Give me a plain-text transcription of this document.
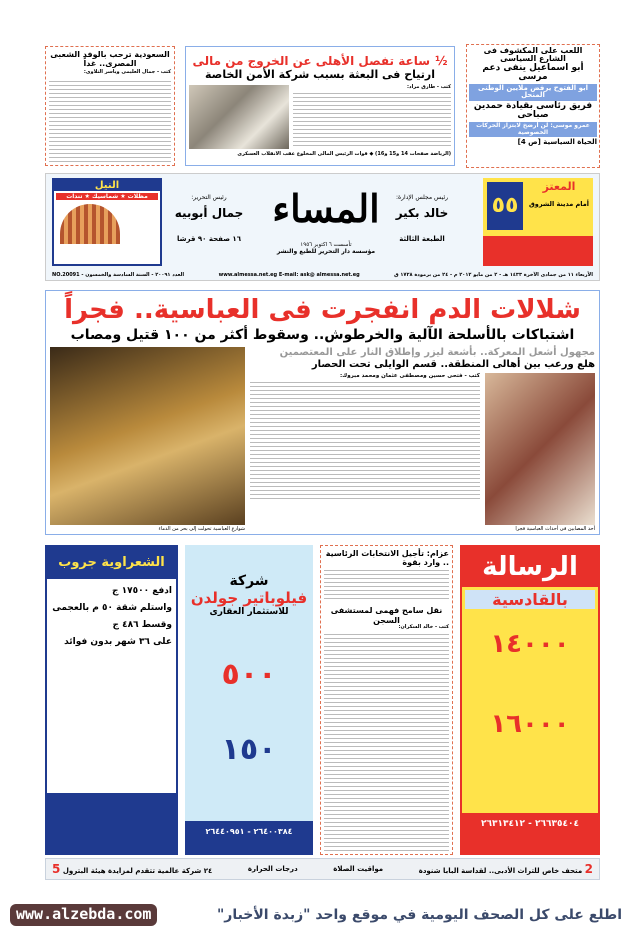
اللعب على المكشوف فى الشارع السياسى
أبو اسماعيل ينفى دعم مرسى
ابو الفتوح يرفض ملايين الوطنى المنحل
فريق رئاسى بقيادة حمدين صباحى
عمرو موسى: لن أرضخ لابتزاز الحركات الخصوصية
الحياة السياسية [ص 4]
½ ساعة تفصل الأهلى عن الخروج من مالى
ارتياح فى البعثة بسبب شركة الأمن الخاصة
كتب - طارق مراد:
(الرياضة صفحات 14 و15 و16) ◆ قوات الرئيس المالى المخلوع عقب الانقلاب العسكرى
السعودية ترحب بالوفد الشعبى المصرى.. غداً
كتب - جمال العليمى وياسر التلاوى:
٥٥
المعتز
أمام مدينة الشروق
رئيس مجلس الإدارة:
خالد بكير
الطبعة الثالثة
المساء
تأسست ٦ اكتوبر ١٩٥٦
مؤسسة دار التحرير للطبع والنشر
رئيس التحرير:
جمال أبوبيه
١٦ صفحة ٩٠ قرشا
النيل
مظلات ★ شماسيك ★ تندات
الأربعاء ١١ من جمادى الآخرة ١٤٣٣ هـ - ٢ من مايو ٢٠١٢ م - ٢٤ من برمودة ١٧٢٨ ق
www.almessa.net.eg E-mail: ask@ almessa.net.eg
العدد ٢٠٠٩١ - السنة السادسة والخمسون - NO.20091
شلالات الدم انفجرت فى العباسية.. فجراً
اشتباكات بالأسلحة الآلية والخرطوش.. وسقوط أكثر من ١٠٠ قتيل ومصاب
مجهول أشعل المعركة.. بأشعة ليزر وإطلاق النار على المعتصمين
هلع ورعب بين أهالى المنطقة.. قسم الوايلى تحت الحصار
أحد المصابين فى أحداث العباسية فجرا
كتب - فتحى حسين ومصطفى عثمان ومحمد مبروك:
شوارع العباسية تحولت إلى بحر من الدماء
الرسالة
بالقادسية
١٤٠٠٠
١٦٠٠٠
٢٦٦٣٥٤٠٤ - ٢٦٣١٣٤١٢
عزام: تأجيل الانتخابات الرئاسية .. وارد بقوة
نقل سامح فهمى لمستشفى السجن
كتب - خالد السكران:
شركة
فيلوباتير جولدن
للاستثمار العقارى
٥٠٠
١٥٠
٢٦٤٠٠٣٨٤ - ٢٦٤٤٠٩٥١
الشعراوية جروب
ادفع ١٧٥٠٠ ج
واستلم شقة ٥٠ م بالعجمى
وقسط ٤٨٦ ج
على ٣٦ شهر بدون فوائد
2 متحف خاص للتراث الأدبى.. لقداسة البابا شنودة
مواقيت الصلاة
درجات الحرارة
٢٤ شركة عالمية تتقدم لمزايدة هيئة البترول 5
اطلع على كل الصحف اليومية في موقع واحد "زبدة الأخبار"
www.alzebda.com
